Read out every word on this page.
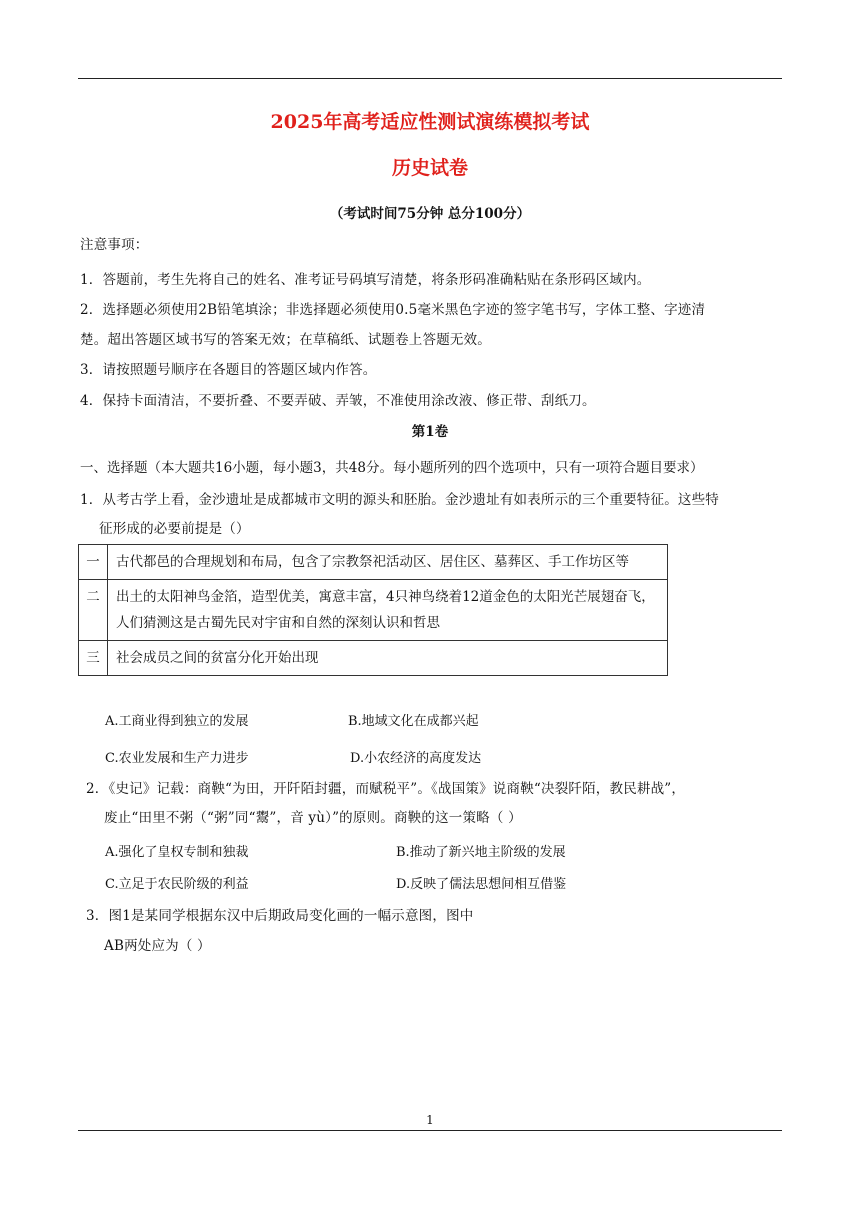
2025年高考适应性测试演练模拟考试
历史试卷
（考试时间75分钟 总分100分）
注意事项：
1．答题前，考生先将自己的姓名、准考证号码填写清楚，将条形码准确粘贴在条形码区域内。
2．选择题必须使用2B铅笔填涂；非选择题必须使用0.5毫米黑色字迹的签字笔书写，字体工整、字迹清
楚。超出答题区域书写的答案无效；在草稿纸、试题卷上答题无效。
3．请按照题号顺序在各题目的答题区域内作答。
4．保持卡面清洁，不要折叠、不要弄破、弄皱，不准使用涂改液、修正带、刮纸刀。
第1卷
一、选择题（本大题共16小题，每小题3，共48分。每小题所列的四个选项中，只有一项符合题目要求）
1．从考古学上看，金沙遗址是成都城市文明的源头和胚胎。金沙遗址有如表所示的三个重要特征。这些特
征形成的必要前提是（）
一	古代都邑的合理规划和布局，包含了宗教祭祀活动区、居住区、墓葬区、手工作坊区等
二	出土的太阳神鸟金箔，造型优美，寓意丰富，4只神鸟绕着12道金色的太阳光芒展翅奋飞，人们猜测这是古蜀先民对宇宙和自然的深刻认识和哲思
三	社会成员之间的贫富分化开始出现
A.工商业得到独立的发展	B.地域文化在成都兴起
C.农业发展和生产力进步	D.小农经济的高度发达
2．《史记》记载：商鞅“为田，开阡陌封疆，而赋税平”。《战国策》说商鞅“决裂阡陌，教民耕战”，
废止“田里不粥（“粥”同“鬻”，音 yù）”的原则。商鞅的这一策略（ ）
A.强化了皇权专制和独裁	B.推动了新兴地主阶级的发展
C.立足于农民阶级的利益	D.反映了儒法思想间相互借鉴
3．图1是某同学根据东汉中后期政局变化画的一幅示意图，图中
AB两处应为（ ）
1
